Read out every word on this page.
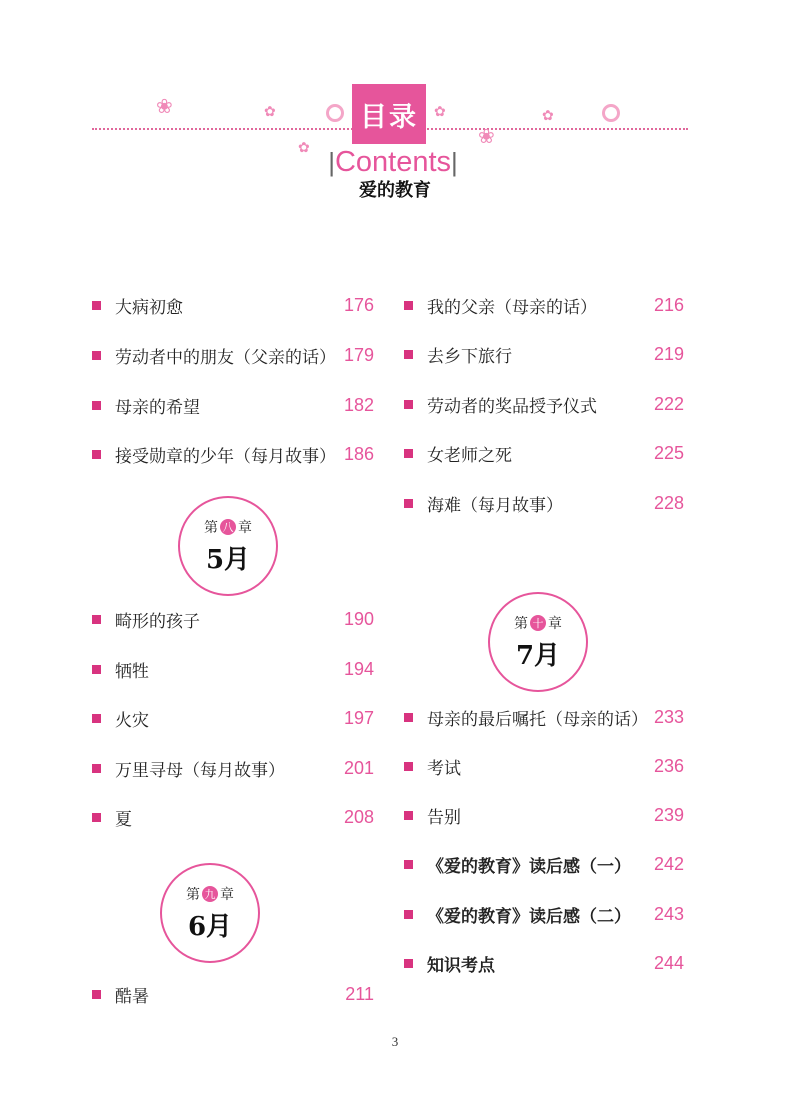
❀	✿
✿
✿
❀
✿
目录
|Contents|
爱的教育
大病初愈	176
劳动者中的朋友（父亲的话） 179
母亲的希望	182
接受勋章的少年（每月故事） 186
第 八 章
5月
畸形的孩子	190
牺牲	194
火灾	197
万里寻母（每月故事）	201
夏	208
第 九 章
6月
酷暑	211
我的父亲（母亲的话）	216
去乡下旅行	219
劳动者的奖品授予仪式	222
女老师之死	225
海难（每月故事）	228
第 十 章
7月
母亲的最后嘱托（母亲的话） 233
考试	236
告别	239
《爱的教育》读后感（一） 242
《爱的教育》读后感（二） 243
知识考点	244
3
